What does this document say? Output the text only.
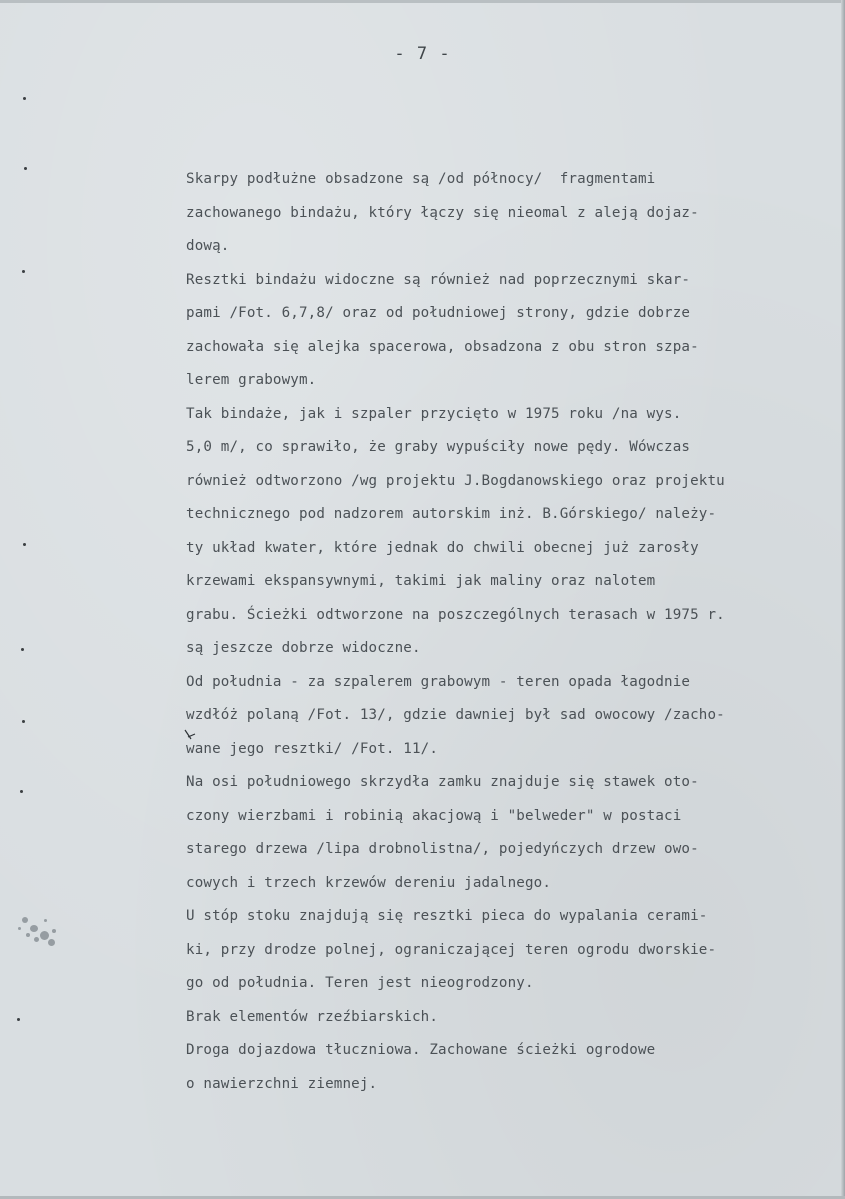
- 7 -
Skarpy podłużne obsadzone są /od północy/  fragmentami
zachowanego bindażu, który łączy się nieomal z aleją dojaz-
dową.
Resztki bindażu widoczne są również nad poprzecznymi skar-
pami /Fot. 6,7,8/ oraz od południowej strony, gdzie dobrze
zachowała się alejka spacerowa, obsadzona z obu stron szpa-
lerem grabowym.
Tak bindaże, jak i szpaler przycięto w 1975 roku /na wys.
5,0 m/, co sprawiło, że graby wypuściły nowe pędy. Wówczas
również odtworzono /wg projektu J.Bogdanowskiego oraz projektu
technicznego pod nadzorem autorskim inż. B.Górskiego/ należy-
ty układ kwater, które jednak do chwili obecnej już zarosły
krzewami ekspansywnymi, takimi jak maliny oraz nalotem
grabu. Ścieżki odtworzone na poszczególnych terasach w 1975 r.
są jeszcze dobrze widoczne.
Od południa - za szpalerem grabowym - teren opada łagodnie
wzdłóż polaną /Fot. 13/, gdzie dawniej był sad owocowy /zacho-
wane jego resztki/ /Fot. 11/.
Na osi południowego skrzydła zamku znajduje się stawek oto-
czony wierzbami i robinią akacjową i "belweder" w postaci
starego drzewa /lipa drobnolistna/, pojedyńczych drzew owo-
cowych i trzech krzewów dereniu jadalnego.
U stóp stoku znajdują się resztki pieca do wypalania cerami-
ki, przy drodze polnej, ograniczającej teren ogrodu dworskie-
go od południa. Teren jest nieogrodzony.
Brak elementów rzeźbiarskich.
Droga dojazdowa tłuczniowa. Zachowane ścieżki ogrodowe
o nawierzchni ziemnej.
